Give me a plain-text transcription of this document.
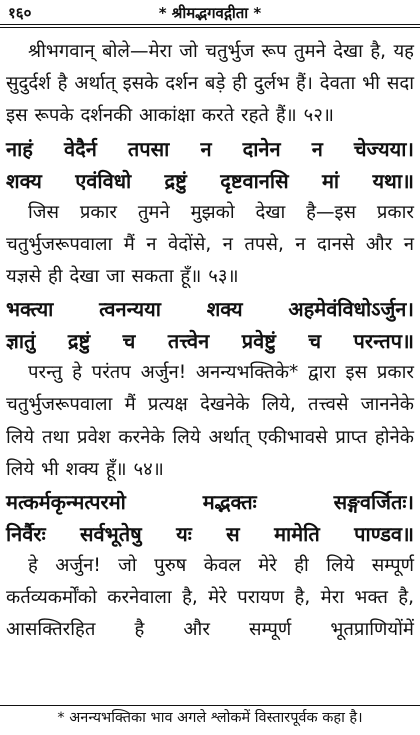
१६०	* श्रीमद्भगवद्गीता *

श्रीभगवान् बोले—मेरा जो चतुर्भुज रूप तुमने देखा है, यह सुदुर्दर्श है अर्थात् इसके दर्शन बड़े ही दुर्लभ हैं। देवता भी सदा इस रूपके दर्शनकी आकांक्षा करते रहते हैं॥ ५२॥

नाहं वेदैर्न तपसा न दानेन न चेज्यया।
शक्य एवंविधो द्रष्टुं दृष्टवानसि मां यथा॥

जिस प्रकार तुमने मुझको देखा है—इस प्रकार चतुर्भुजरूपवाला मैं न वेदोंसे, न तपसे, न दानसे और न यज्ञसे ही देखा जा सकता हूँ॥ ५३॥

भक्त्या त्वनन्यया शक्य अहमेवंविधोऽर्जुन।
ज्ञातुं द्रष्टुं च तत्त्वेन प्रवेष्टुं च परन्तप॥

परन्तु हे परंतप अर्जुन! अनन्यभक्तिके* द्वारा इस प्रकार चतुर्भुजरूपवाला मैं प्रत्यक्ष देखनेके लिये, तत्त्वसे जाननेके लिये तथा प्रवेश करनेके लिये अर्थात् एकीभावसे प्राप्त होनेके लिये भी शक्य हूँ॥ ५४॥

मत्कर्मकृन्मत्परमो मद्भक्तः सङ्गवर्जितः।
निर्वैरः सर्वभूतेषु यः स मामेति पाण्डव॥

हे अर्जुन! जो पुरुष केवल मेरे ही लिये सम्पूर्ण कर्तव्यकर्मोंको करनेवाला है, मेरे परायण है, मेरा भक्त है, आसक्तिरहित है और सम्पूर्ण भूतप्राणियोंमें

* अनन्यभक्तिका भाव अगले श्लोकमें विस्तारपूर्वक कहा है।
